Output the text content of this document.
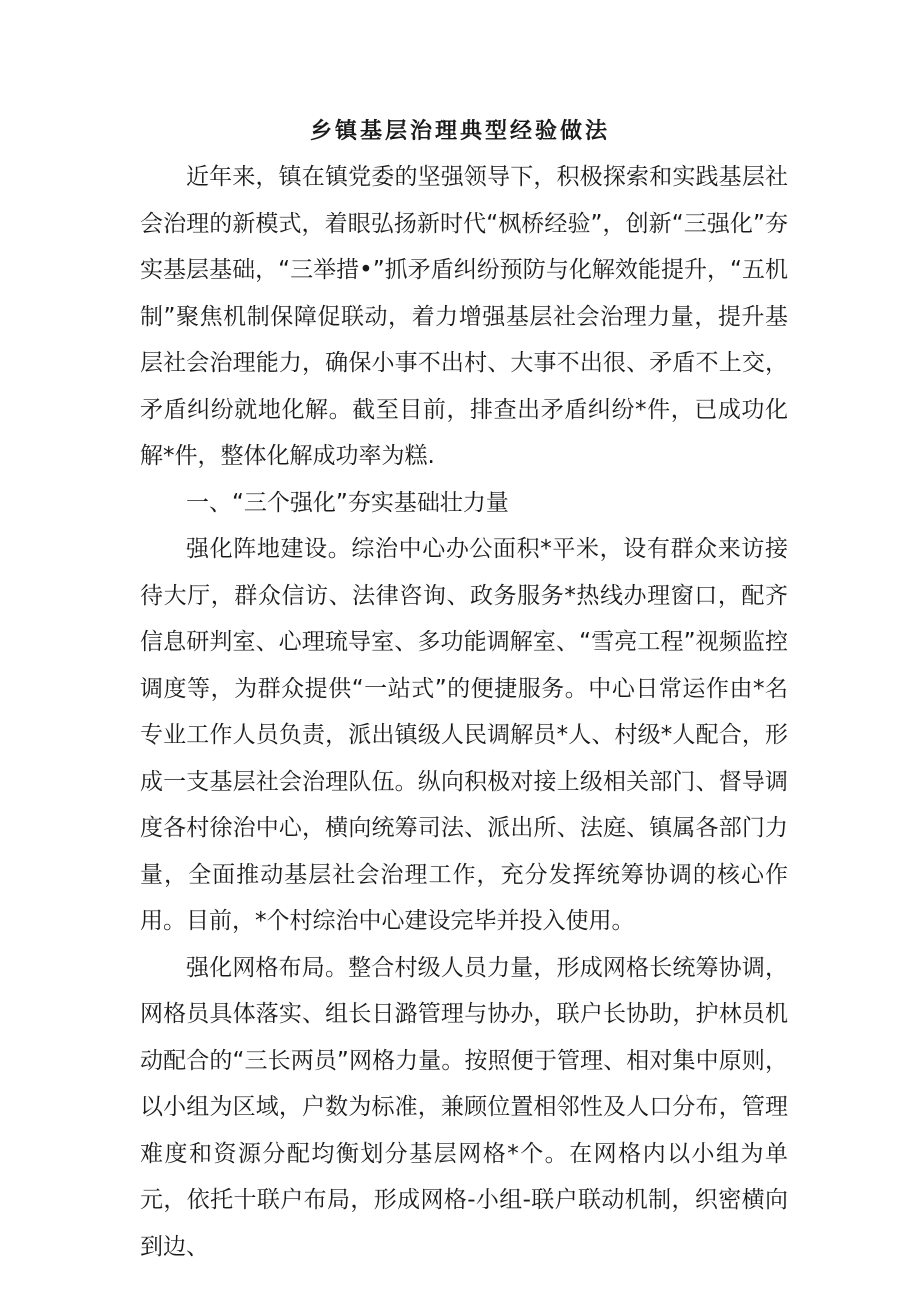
乡镇基层治理典型经验做法

近年来，镇在镇党委的坚强领导下，积极探索和实践基层社会治理的新模式，着眼弘扬新时代“枫桥经验”，创新“三强化”夯实基层基础，“三举措•”抓矛盾纠纷预防与化解效能提升，“五机制”聚焦机制保障促联动，着力增强基层社会治理力量，提升基层社会治理能力，确保小事不出村、大事不出很、矛盾不上交，矛盾纠纷就地化解。截至目前，排查出矛盾纠纷*件，已成功化解*件，整体化解成功率为糕.

一、“三个强化”夯实基础壮力量

强化阵地建设。综治中心办公面积*平米，设有群众来访接待大厅，群众信访、法律咨询、政务服务*热线办理窗口，配齐信息研判室、心理琉导室、多功能调解室、“雪亮工程”视频监控调度等，为群众提供“一站式”的便捷服务。中心日常运作由*名专业工作人员负责，派出镇级人民调解员*人、村级*人配合，形成一支基层社会治理队伍。纵向积极对接上级相关部门、督导调度各村徐治中心，横向统筹司法、派出所、法庭、镇属各部门力量，全面推动基层社会治理工作，充分发挥统筹协调的核心作用。目前，*个村综治中心建设完毕并投入使用。

强化网格布局。整合村级人员力量，形成网格长统筹协调，网格员具体落实、组长日潞管理与协办，联户长协助，护林员机动配合的“三长两员”网格力量。按照便于管理、相对集中原则，以小组为区域，户数为标准，兼顾位置相邻性及人口分布，管理难度和资源分配均衡划分基层网格*个。在网格内以小组为单元，依托十联户布局，形成网格-小组-联户联动机制，织密横向到边、
